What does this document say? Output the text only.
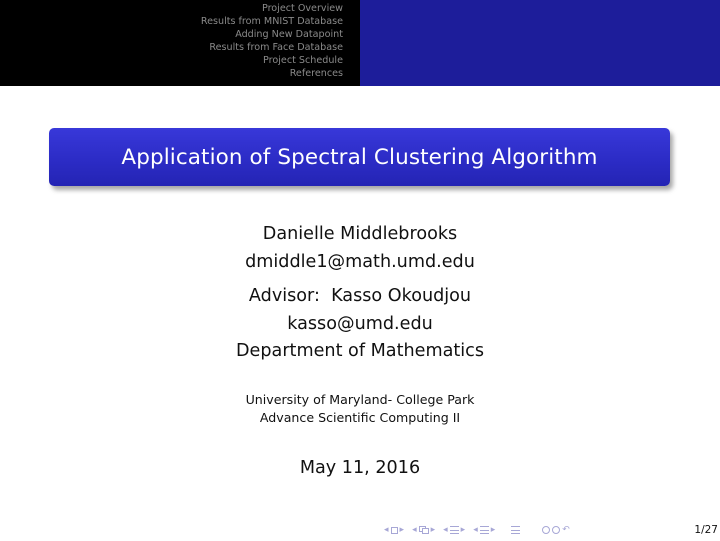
Project Overview
Results from MNIST Database
Adding New Datapoint
Results from Face Database
Project Schedule
References
Application of Spectral Clustering Algorithm
Danielle Middlebrooks
dmiddle1@math.umd.edu
Advisor:  Kasso Okoudjou
kasso@umd.edu
Department of Mathematics
University of Maryland- College Park
Advance Scientific Computing II
May 11, 2016
◂ ▸ ◂ ▸ ◂ ▸ ◂ ▸	↶	1/27
